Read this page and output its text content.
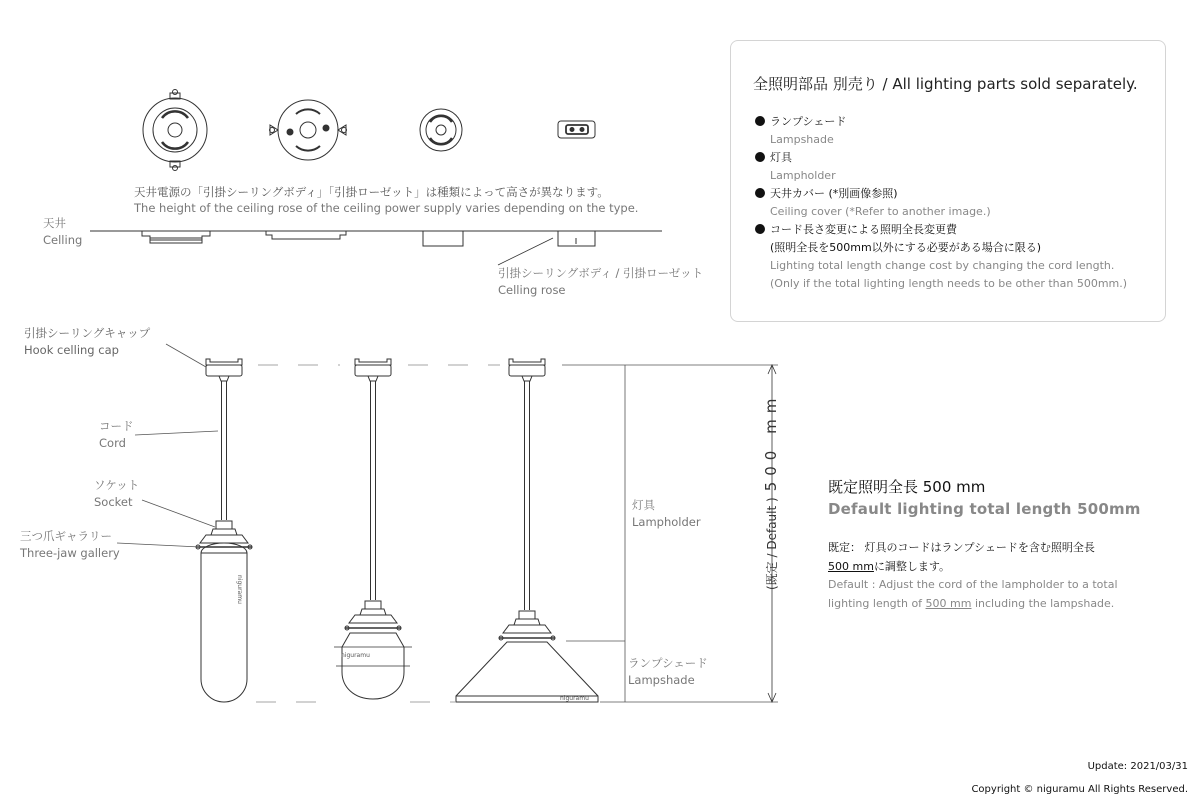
niguramu
niguramu
niguramu
天井電源の「引掛シーリングボディ」「引掛ローゼット」は種類によって高さが異なります。
The height of the ceiling rose of the ceiling power supply varies depending on the type.
天井
Celling
引掛シーリングボディ / 引掛ローゼット
Celling rose
引掛シーリングキャップ
Hook celling cap
コード
Cord
ソケット
Socket
三つ爪ギャラリー
Three-jaw gallery
灯具
Lampholder
ランプシェード
Lampshade
全照明部品 別売り / All lighting parts sold separately.
ランプシェード
Lampshade
灯具
Lampholder
天井カバー (*別画像参照)
Ceiling cover (*Refer to another image.)
コード長さ変更による照明全長変更費
(照明全長を500mm以外にする必要がある場合に限る)
Lighting total length change cost by changing the cord length.
(Only if the total lighting length needs to be other than 500mm.)
(既定 / Default )500 mm	既定照明全長 500 mm
Default lighting total length 500mm
既定： 灯具のコードはランプシェードを含む照明全長
500 mmに調整します。
Default : Adjust the cord of the lampholder to a total
lighting length of 500 mm including the lampshade.
Update: 2021/03/31
Copyright © niguramu All Rights Reserved.
